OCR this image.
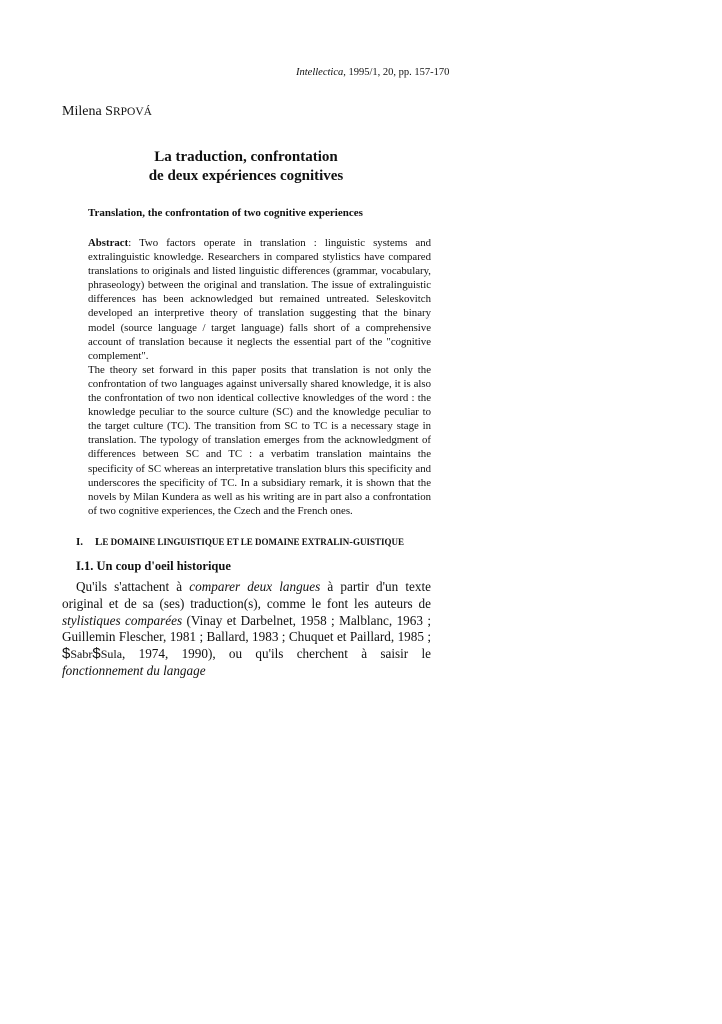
Intellectica, 1995/1, 20, pp. 157-170
Milena SRPOVÁ
La traduction, confrontation
de deux expériences cognitives
Translation, the confrontation of two cognitive experiences

Abstract: Two factors operate in translation : linguistic systems and extralinguistic knowledge. Researchers in compared stylistics have compared translations to originals and listed linguistic differences (grammar, vocabulary, phraseology) between the original and translation. The issue of extralinguistic differences has been acknowledged but remained untreated. Seleskovitch developed an interpretive theory of translation suggesting that the binary model (source language / target language) falls short of a comprehensive account of translation because it neglects the essential part of the "cognitive complement".

The theory set forward in this paper posits that translation is not only the confrontation of two languages against universally shared knowledge, it is also the confrontation of two non identical collective knowledges of the word : the knowledge peculiar to the source culture (SC) and the knowledge peculiar to the target culture (TC). The transition from SC to TC is a necessary stage in translation. The typology of translation emerges from the acknowledgment of differences between SC and TC : a verbatim translation maintains the specificity of SC whereas an interpretative translation blurs this specificity and underscores the specificity of TC. In a subsidiary remark, it is shown that the novels by Milan Kundera as well as his writing are in part also a confrontation of two cognitive experiences, the Czech and the French ones.

I. LE DOMAINE LINGUISTIQUE ET LE DOMAINE EXTRALIN-GUISTIQUE
I.1. Un coup d'oeil historique

Qu'ils s'attachent à comparer deux langues à partir d'un texte original et de sa (ses) traduction(s), comme le font les auteurs de stylistiques comparées (Vinay et Darbelnet, 1958 ; Malblanc, 1963 ; Guillemin Flescher, 1981 ; Ballard, 1983 ; Chuquet et Paillard, 1985 ; $Sabr$Sula, 1974, 1990), ou qu'ils cherchent à saisir le fonctionnement du langage
